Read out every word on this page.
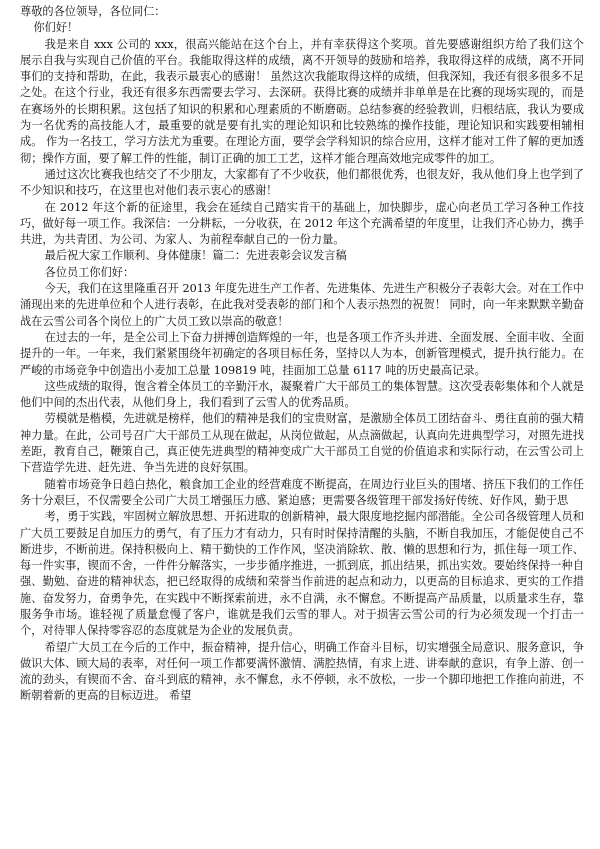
尊敬的各位领导，各位同仁：

你们好！

我是来自 xxx 公司的 xxx，很高兴能站在这个台上，并有幸获得这个奖项。首先要感谢组织方给了我们这个展示自我与实现自己价值的平台。我能取得这样的成绩，离不开领导的鼓励和培养，我取得这样的成绩，离不开同事们的支持和帮助，在此，我表示最衷心的感谢！ 虽然这次我能取得这样的成绩，但我深知，我还有很多很多不足之处。在这个行业，我还有很多东西需要去学习、去深研。获得比赛的成绩并非单单是在比赛的现场实现的，而是在赛场外的长期积累。这包括了知识的积累和心理素质的不断磨砺。总结参赛的经验教训，归根结底，我认为要成为一名优秀的高技能人才，最重要的就是要有扎实的理论知识和比较熟练的操作技能，理论知识和实践要相辅相成。 作为一名技工，学习方法尤为重要。在理论方面，要学会学科知识的综合应用，这样才能对工件了解的更加透彻；操作方面，要了解工件的性能，制订正确的加工工艺，这样才能合理高效地完成零件的加工。

通过这次比赛我也结交了不少朋友，大家都有了不少收获，他们都很优秀，也很友好，我从他们身上也学到了不少知识和技巧，在这里也对他们表示衷心的感谢！

在 2012 年这个新的征途里，我会在延续自己踏实肯干的基础上，加快脚步，虚心向老员工学习各种工作技巧，做好每一项工作。我深信：一分耕耘，一分收获，在 2012 年这个充满希望的年度里，让我们齐心协力，携手共进，为共青团、为公司、为家人、为前程奉献自己的一份力量。

最后祝大家工作顺利、身体健康！篇二：先进表彰会议发言稿

各位员工你们好：

今天，我们在这里隆重召开 2013 年度先进生产工作者、先进集体、先进生产积极分子表彰大会。对在工作中涌现出来的先进单位和个人进行表彰，在此我对受表彰的部门和个人表示热烈的祝贺！ 同时，向一年来默默辛勤奋战在云雪公司各个岗位上的广大员工致以崇高的敬意！

在过去的一年，是全公司上下奋力拼搏创造辉煌的一年，也是各项工作齐头并进、全面发展、全面丰收、全面提升的一年。一年来，我们紧紧围绕年初确定的各项目标任务，坚持以人为本，创新管理模式，提升执行能力。在严峻的市场竞争中创造出小麦加工总量 109819 吨，挂面加工总量 6117 吨的历史最高记录。

这些成绩的取得，饱含着全体员工的辛勤汗水，凝聚着广大干部员工的集体智慧。这次受表彰集体和个人就是他们中间的杰出代表，从他们身上，我们看到了云雪人的优秀品质。

劳模就是楷模，先进就是榜样，他们的精神是我们的宝贵财富，是激励全体员工团结奋斗、勇往直前的强大精神力量。在此，公司号召广大干部员工从现在做起，从岗位做起，从点滴做起，认真向先进典型学习，对照先进找差距，教育自己，鞭策自己，真正使先进典型的精神变成广大干部员工自觉的价值追求和实际行动，在云雪公司上下营造学先进、赶先进、争当先进的良好氛围。

随着市场竞争日趋白热化，粮食加工企业的经营难度不断提高，在周边行业巨头的围堵、挤压下我们的工作任务十分艰巨，不仅需要全公司广大员工增强压力感、紧迫感；更需要各级管理干部发扬好传统、好作风，勤于思

考，勇于实践，牢固树立解放思想、开拓进取的创新精神，最大限度地挖掘内部潜能。全公司各级管理人员和广大员工要鼓足自加压力的勇气，有了压力才有动力，只有时时保持清醒的头脑，不断自我加压，才能促使自己不断进步，不断前进。保持积极向上、精干勤快的工作作风，坚决消除软、散、懒的思想和行为，抓住每一项工作、每一件实事，锲而不舍，一件件分解落实，一步步循序推进，一抓到底，抓出结果，抓出实效。要始终保持一种自强、勤勉、奋进的精神状态，把已经取得的成绩和荣誉当作前进的起点和动力，以更高的目标追求、更实的工作措施、奋发努力，奋勇争先，在实践中不断探索前进，永不自满，永不懈怠。不断提高产品质量，以质量求生存，靠服务争市场。谁轻视了质量怠慢了客户，谁就是我们云雪的罪人。对于损害云雪公司的行为必须发现一个打击一个，对待罪人保持零容忍的态度就是为企业的发展负责。

希望广大员工在今后的工作中，振奋精神，提升信心，明确工作奋斗目标，切实增强全局意识、服务意识，争做识大体、顾大局的表率，对任何一项工作都要满怀激情、满腔热情，有求上进、讲奉献的意识，有争上游、创一流的劲头，有锲而不舍、奋斗到底的精神，永不懈怠，永不停顿，永不放松，一步一个脚印地把工作推向前进，不断朝着新的更高的目标迈进。 希望
